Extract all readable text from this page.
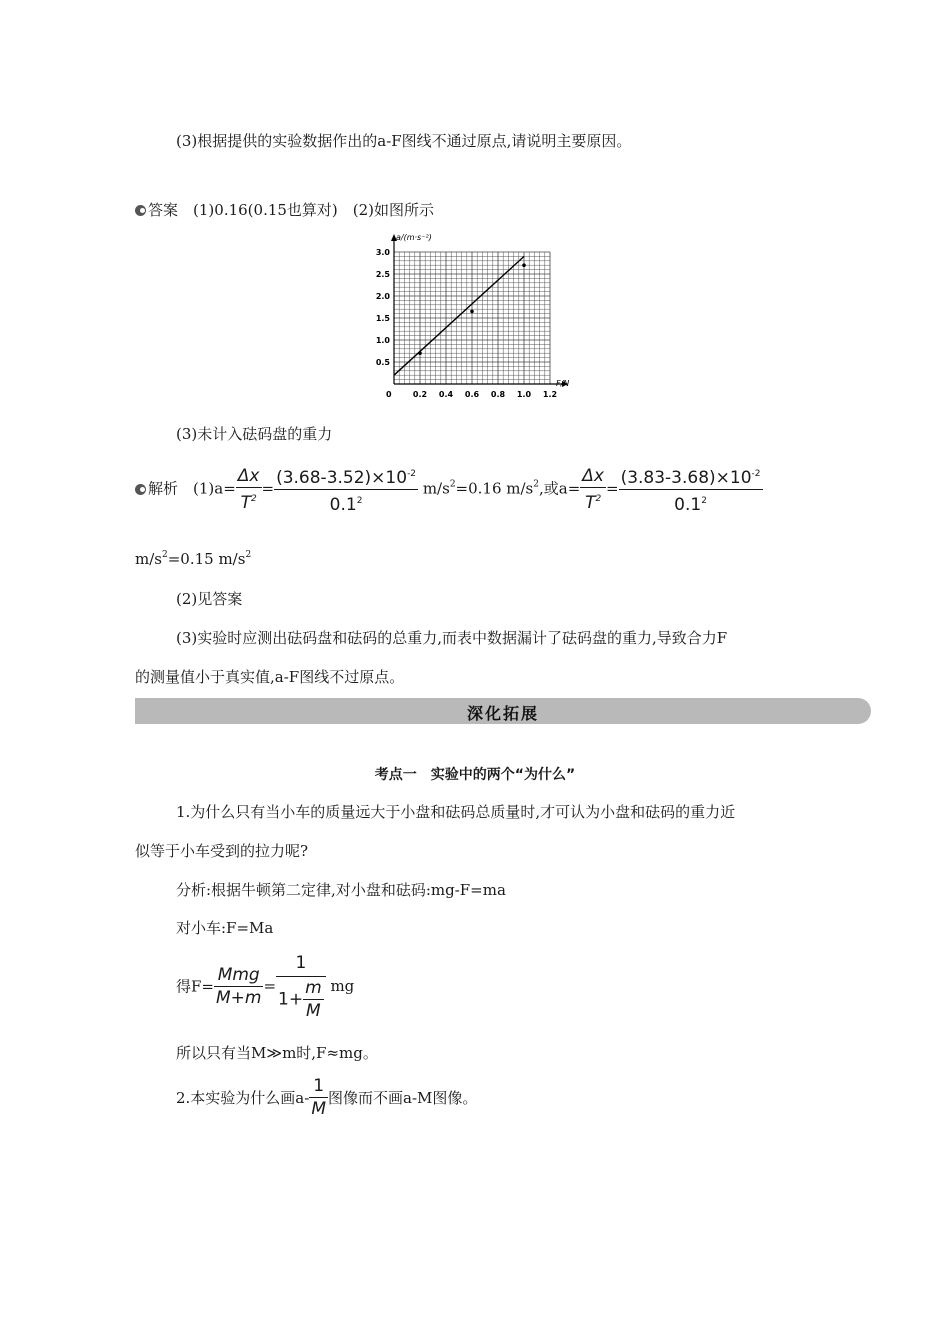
(3)根据提供的实验数据作出的a-F图线不通过原点,请说明主要原因。
答案　 (1)0.16(0.15也算对)　(2)如图所示
0.2 0.4 0.6 0.8 1.0 1.2
0.5
1.0
1.5
2.0
2.5
3.0
a/(m·s⁻²)
F/N
0
(3)未计入砝码盘的重力
解析　 $(1)a= \frac{\Delta x}{T^2} = \frac{(3.68-3.52)\times 10^{-2}}{0.1^2} m/s^2=0.16$ $m/s^2$,或$a= \frac{\Delta x}{T^2} = \frac{(3.83-3.68)\times 10^{-2}}{0.1^2}$
$m/s^2=0.15$ $m/s^2$
(2)见答案
(3)实验时应测出砝码盘和砝码的总重力,而表中数据漏计了砝码盘的重力,导致合力F
的测量值小于真实值,a-F图线不过原点。
深化拓展
考点一　实验中的两个“为什么”
1.为什么只有当小车的质量远大于小盘和砝码总质量时,才可认为小盘和砝码的重力近
似等于小车受到的拉力呢?
分析:根据牛顿第二定律,对小盘和砝码:mg-F=ma
对小车:F=Ma
得$F= \frac{\text{Mmg}}{M+m} = \frac{1}{1+ \frac{m}{M}}$ mg
所以只有当M≫m时,F≈mg。
2.本实验为什么画$a- \frac{1}{M}$ 图像而不画a-M图像。
